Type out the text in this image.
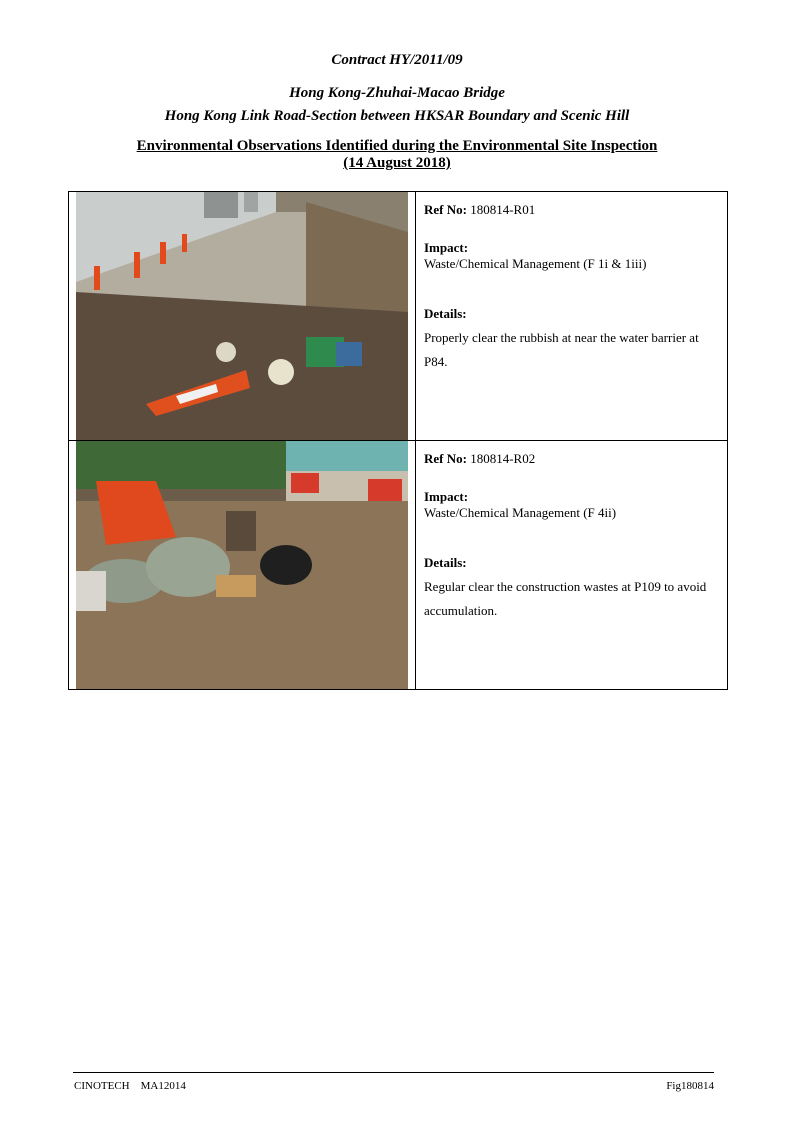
Contract HY/2011/09
Hong Kong-Zhuhai-Macao Bridge
Hong Kong Link Road-Section between HKSAR Boundary and Scenic Hill
Environmental Observations Identified during the Environmental Site Inspection
(14 August 2018)

Ref No: 180814-R01
Impact:
Waste/Chemical Management (F 1i & 1iii)
Details:
Properly clear the rubbish at near the water barrier at P84.

Ref No: 180814-R02
Impact:
Waste/Chemical Management (F 4ii)
Details:
Regular clear the construction wastes at P109 to avoid accumulation.
CINOTECH    MA12014	Fig180814
